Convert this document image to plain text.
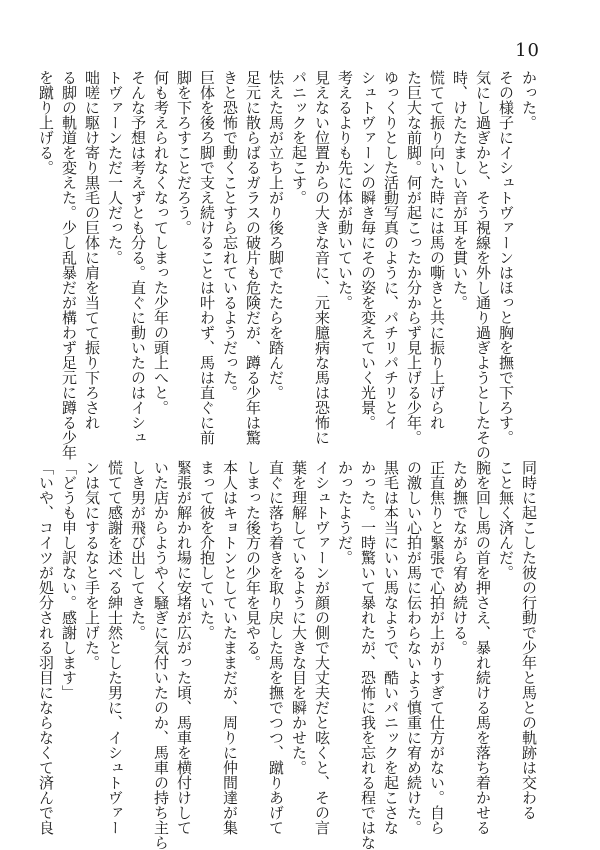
10
かった。
その様子にイシュトヴァーンはほっと胸を撫で下ろす。
気にし過ぎかと、そう視線を外し通り過ぎようとしたその
時、けたたましい音が耳を貫いた。
慌てて振り向いた時には馬の嘶きと共に振り上げられ
た巨大な前脚。何が起こったか分からず見上げる少年。
ゆっくりとした活動写真のように、パチリパチリとイ
シュトヴァーンの瞬き毎にその姿を変えていく光景。
考えるよりも先に体が動いていた。
見えない位置からの大きな音に、元来臆病な馬は恐怖に
パニックを起こす。
怯えた馬が立ち上がり後ろ脚でたたらを踏んだ。
足元に散らばるガラスの破片も危険だが、蹲る少年は驚
きと恐怖で動くことすら忘れているようだった。
巨体を後ろ脚で支え続けることは叶わず、馬は直ぐに前
脚を下ろすことだろう。
何も考えられなくなってしまった少年の頭上へと。
そんな予想は考えずとも分る。直ぐに動いたのはイシュ
トヴァーンただ一人だった。
咄嗟に駆け寄り黒毛の巨体に肩を当てて振り下ろされ
る脚の軌道を変えた。少し乱暴だが構わず足元に蹲る少年
を蹴り上げる。
同時に起こした彼の行動で少年と馬との軌跡は交わる
こと無く済んだ。
腕を回し馬の首を押さえ、暴れ続ける馬を落ち着かせる
ため撫でながら宥め続ける。
正直焦りと緊張で心拍が上がりすぎて仕方がない。自ら
の激しい心拍が馬に伝わらないよう慎重に宥め続けた。
黒毛は本当にいい馬なようで、酷いパニックを起こさな
かった。一時驚いて暴れたが、恐怖に我を忘れる程ではな
かったようだ。
イシュトヴァーンが顔の側で大丈夫だと呟くと、その言
葉を理解しているように大きな目を瞬かせた。
直ぐに落ち着きを取り戻した馬を撫でつつ、蹴りあげて
しまった後方の少年を見やる。
本人はキョトンとしていたままだが、周りに仲間達が集
まって彼を介抱していた。
緊張が解かれ場に安堵が広がった頃、馬車を横付けして
いた店からようやく騒ぎに気付いたのか、馬車の持ち主ら
しき男が飛び出してきた。
慌てて感謝を述べる紳士然とした男に、イシュトヴァー
ンは気にするなと手を上げた。
「どうも申し訳ない。感謝します」
「いや、コイツが処分される羽目にならなくて済んで良
